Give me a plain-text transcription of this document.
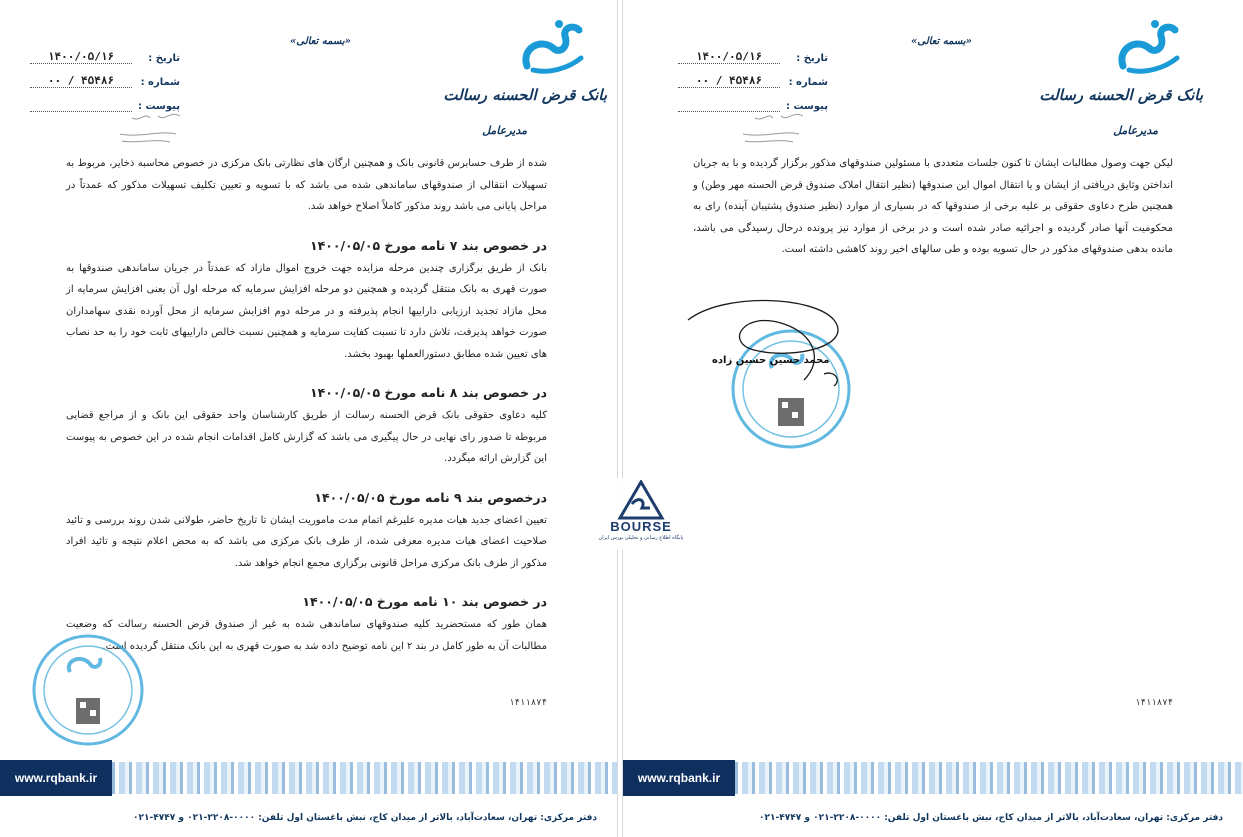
بانک قرض الحسنه رسالت
«بسمه تعالی»
تاریخ :
۱۴۰۰/۰۵/۱۶
شماره :
۰۰ / ۴۵۴۸۶
پیوست :
مدیرعامل

شده از طرف حسابرس قانونی بانک و همچنین ارگان های نظارتی بانک مرکزی در خصوص محاسبه ذخایر، مربوط به تسهیلات انتقالی از صندوقهای ساماندهی شده می باشد که با تسویه و تعیین تکلیف تسهیلات مذکور که عمدتاً در مراحل پایانی می باشد روند مذکور کاملاً اصلاح خواهد شد.

در خصوص بند ۷ نامه مورخ ۱۴۰۰/۰۵/۰۵

بانک از طریق برگزاری چندین مرحله مزایده جهت خروج اموال مازاد که عمدتاً در جریان ساماندهی صندوقها به صورت قهری به بانک منتقل گردیده و همچنین دو مرحله افزایش سرمایه که مرحله اول آن یعنی افزایش سرمایه از محل مازاد تجدید ارزیابی داراییها انجام پذیرفته و در مرحله دوم افزایش سرمایه از محل آورده نقدی سهامداران صورت خواهد پذیرفت، تلاش دارد تا نسبت کفایت سرمایه و همچنین نسبت خالص داراییهای ثابت خود را به حد نصاب های تعیین شده مطابق دستورالعملها بهبود بخشد.

در خصوص بند ۸ نامه مورخ ۱۴۰۰/۰۵/۰۵

کلیه دعاوی حقوقی بانک قرض الحسنه رسالت از طریق کارشناسان واحد حقوقی این بانک و از مراجع قضایی مربوطه تا صدور رای نهایی در حال پیگیری می باشد که گزارش کامل اقدامات انجام شده در این خصوص به پیوست این گزارش ارائه میگردد.

درخصوص بند ۹ نامه مورخ ۱۴۰۰/۰۵/۰۵

تعیین اعضای جدید هیات مدیره علیرغم اتمام مدت ماموریت ایشان تا تاریخ حاضر، طولانی شدن روند بررسی و تائید صلاحیت اعضای هیات مدیره معرفی شده، از طرف بانک مرکزی می باشد که به محض اعلام نتیجه و تائید افراد مذکور از طرف بانک مرکزی مراحل قانونی برگزاری مجمع انجام خواهد شد.

در خصوص بند ۱۰ نامه مورخ ۱۴۰۰/۰۵/۰۵

همان طور که مستحضرید کلیه صندوقهای ساماندهی شده به غیر از صندوق قرض الحسنه رسالت که وضعیت مطالبات آن به طور کامل در بند ۲ این نامه توضیح داده شد به صورت قهری به این بانک منتقل گردیده است.

۱۴۱۱۸۷۴
www.rqbank.ir
دفتر مرکزی: تهران، سعادت‌آباد، بالاتر از میدان کاج، نبش باغستان اول تلفن: ۰۰۰۰-۲۲۰۸-۰۲۱ و ۴۷۴۷-۰۲۱
بانک قرض الحسنه رسالت
«بسمه تعالی»
تاریخ :
۱۴۰۰/۰۵/۱۶
شماره :
۰۰ / ۴۵۴۸۶
پیوست :
مدیرعامل

لیکن جهت وصول مطالبات ایشان تا کنون جلسات متعددی با مسئولین صندوقهای مذکور برگزار گردیده و با به جریان انداختن وثایق دریافتی از ایشان و یا انتقال اموال این صندوقها (نظیر انتقال املاک صندوق قرض الحسنه مهر وطن) و همچنین طرح دعاوی حقوقی بر علیه برخی از صندوقها که در بسیاری از موارد (نظیر صندوق پشتیبان آینده) رای به محکومیت آنها صادر گردیده و اجرائیه صادر شده است و در برخی از موارد نیز پرونده درحال رسیدگی می باشد، مانده بدهی صندوقهای مذکور در حال تسویه بوده و طی سالهای اخیر روند کاهشی داشته است.

۱۴۱۱۸۷۴
www.rqbank.ir
دفتر مرکزی: تهران، سعادت‌آباد، بالاتر از میدان کاج، نبش باغستان اول تلفن: ۰۰۰۰-۲۲۰۸-۰۲۱ و ۴۷۴۷-۰۲۱
محمد حسین حسین زاده
BOURSE
پایگاه اطلاع رسانی و تحلیلی بورس ایران
